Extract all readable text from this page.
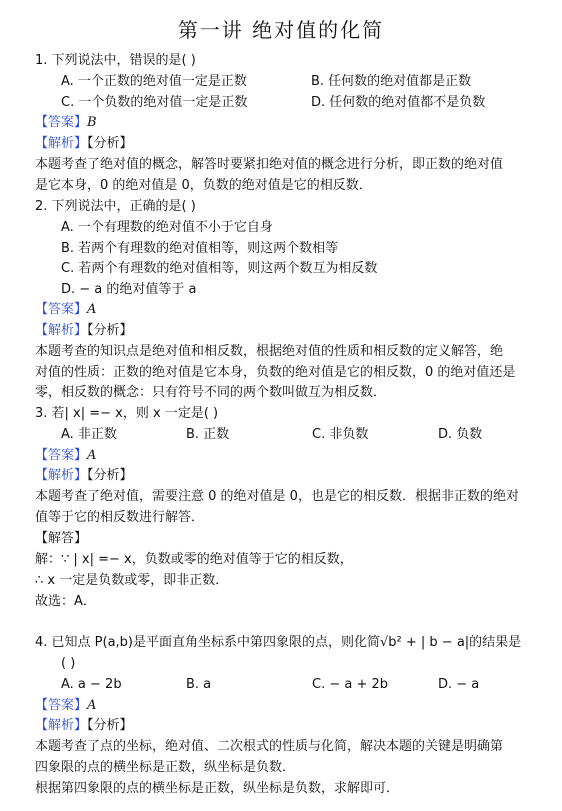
第一讲 绝对值的化简
1. 下列说法中，错误的是( )
A. 一个正数的绝对值一定是正数	B. 任何数的绝对值都是正数
C. 一个负数的绝对值一定是正数	D. 任何数的绝对值都不是负数
【答案】B
【解析】【分析】
本题考查了绝对值的概念，解答时要紧扣绝对值的概念进行分析，即正数的绝对值
是它本身，0 的绝对值是 0，负数的绝对值是它的相反数．
2. 下列说法中，正确的是( )
A. 一个有理数的绝对值不小于它自身
B. 若两个有理数的绝对值相等，则这两个数相等
C. 若两个有理数的绝对值相等，则这两个数互为相反数
D. − a 的绝对值等于 a
【答案】A
【解析】【分析】
本题考查的知识点是绝对值和相反数，根据绝对值的性质和相反数的定义解答，绝
对值的性质：正数的绝对值是它本身，负数的绝对值是它的相反数，0 的绝对值还是
零，相反数的概念：只有符号不同的两个数叫做互为相反数．
3. 若| x| =− x，则 x 一定是( )
A. 非正数	B. 正数	C. 非负数	D. 负数
【答案】A
【解析】【分析】
本题考查了绝对值，需要注意 0 的绝对值是 0，也是它的相反数．根据非正数的绝对
值等于它的相反数进行解答．
【解答】
解：∵ | x| =− x，负数或零的绝对值等于它的相反数，
∴ x 一定是负数或零，即非正数．
故选：A．
4. 已知点 P(a,b)是平面直角坐标系中第四象限的点，则化简√b² + | b − a|的结果是
( )
A. a − 2b	B. a	C. − a + 2b	D. − a
【答案】A
【解析】【分析】
本题考查了点的坐标，绝对值、二次根式的性质与化简，解决本题的关键是明确第
四象限的点的横坐标是正数，纵坐标是负数．
根据第四象限的点的横坐标是正数，纵坐标是负数，求解即可．
